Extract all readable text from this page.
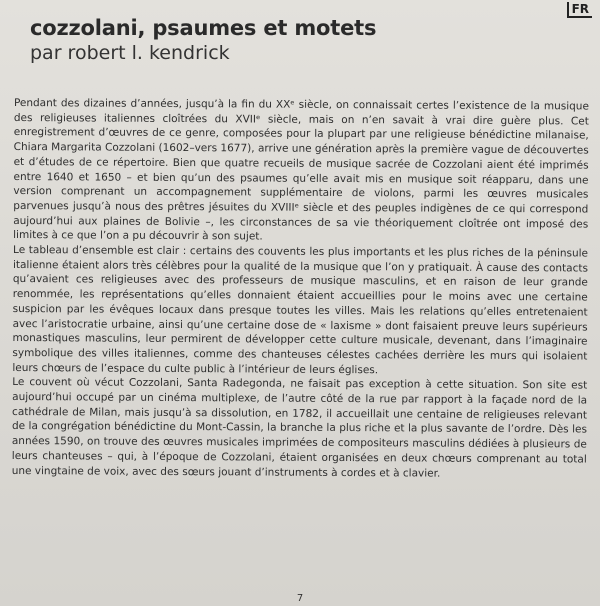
FR
cozzolani, psaumes et motets
par robert l. kendrick

Pendant des dizaines d’années, jusqu’à la fin du XXᵉ siècle, on connaissait certes l’existence de la musique des religieuses italiennes cloîtrées du XVIIᵉ siècle, mais on n’en savait à vrai dire guère plus. Cet enregistrement d’œuvres de ce genre, composées pour la plupart par une religieuse bénédictine milanaise, Chiara Margarita Cozzolani (1602–vers 1677), arrive une génération après la première vague de découvertes et d’études de ce répertoire. Bien que quatre recueils de musique sacrée de Cozzolani aient été imprimés entre 1640 et 1650 – et bien qu’un des psaumes qu’elle avait mis en musique soit réapparu, dans une version comprenant un accompagnement supplémentaire de violons, parmi les œuvres musicales parvenues jusqu’à nous des prêtres jésuites du XVIIIᵉ siècle et des peuples indigènes de ce qui correspond aujourd’hui aux plaines de Bolivie –, les circonstances de sa vie théoriquement cloîtrée ont imposé des limites à ce que l’on a pu découvrir à son sujet.

Le tableau d’ensemble est clair : certains des couvents les plus importants et les plus riches de la péninsule italienne étaient alors très célèbres pour la qualité de la musique que l’on y pratiquait. À cause des contacts qu’avaient ces religieuses avec des professeurs de musique masculins, et en raison de leur grande renommée, les représentations qu’elles donnaient étaient accueillies pour le moins avec une certaine suspicion par les évêques locaux dans presque toutes les villes. Mais les relations qu’elles entretenaient avec l’aristocratie urbaine, ainsi qu’une certaine dose de « laxisme » dont faisaient preuve leurs supérieurs monastiques masculins, leur permirent de développer cette culture musicale, devenant, dans l’imaginaire symbolique des villes italiennes, comme des chanteuses célestes cachées derrière les murs qui isolaient leurs chœurs de l’espace du culte public à l’intérieur de leurs églises.

Le couvent où vécut Cozzolani, Santa Radegonda, ne faisait pas exception à cette situation. Son site est aujourd’hui occupé par un cinéma multiplexe, de l’autre côté de la rue par rapport à la façade nord de la cathédrale de Milan, mais jusqu’à sa dissolution, en 1782, il accueillait une centaine de religieuses relevant de la congrégation bénédictine du Mont-Cassin, la branche la plus riche et la plus savante de l’ordre. Dès les années 1590, on trouve des œuvres musicales imprimées de compositeurs masculins dédiées à plusieurs de leurs chanteuses – qui, à l’époque de Cozzolani, étaient organisées en deux chœurs comprenant au total une vingtaine de voix, avec des sœurs jouant d’instruments à cordes et à clavier.

7
